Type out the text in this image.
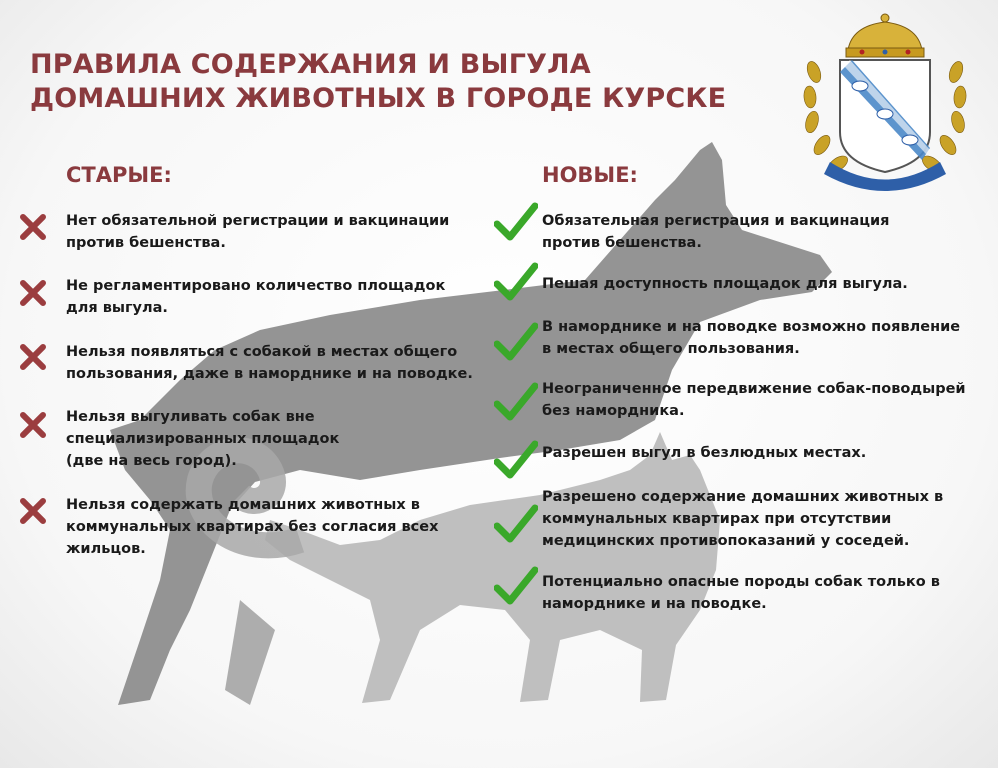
ПРАВИЛА СОДЕРЖАНИЯ И ВЫГУЛА
ДОМАШНИХ ЖИВОТНЫХ В ГОРОДЕ КУРСКЕ
СТАРЫЕ:	НОВЫЕ:

Нет обязательной регистрации и вакцинации
против бешенства.

Не регламентировано количество площадок
для выгула.

Нельзя появляться с собакой в местах общего
пользования, даже в наморднике и на поводке.

Нельзя выгуливать собак вне
специализированных площадок
(две на весь город).

Нельзя содержать домашних животных в
коммунальных квартирах без согласия всех
жильцов.

Обязательная регистрация и вакцинация
против бешенства.

Пешая доступность площадок для выгула.

В наморднике и на поводке возможно появление
в местах общего пользования.

Неограниченное передвижение собак-поводырей
без намордника.

Разрешен выгул в безлюдных местах.

Разрешено содержание домашних животных в
коммунальных квартирах при отсутствии
медицинских противопоказаний у соседей.

Потенциально опасные породы собак только в
наморднике и на поводке.
